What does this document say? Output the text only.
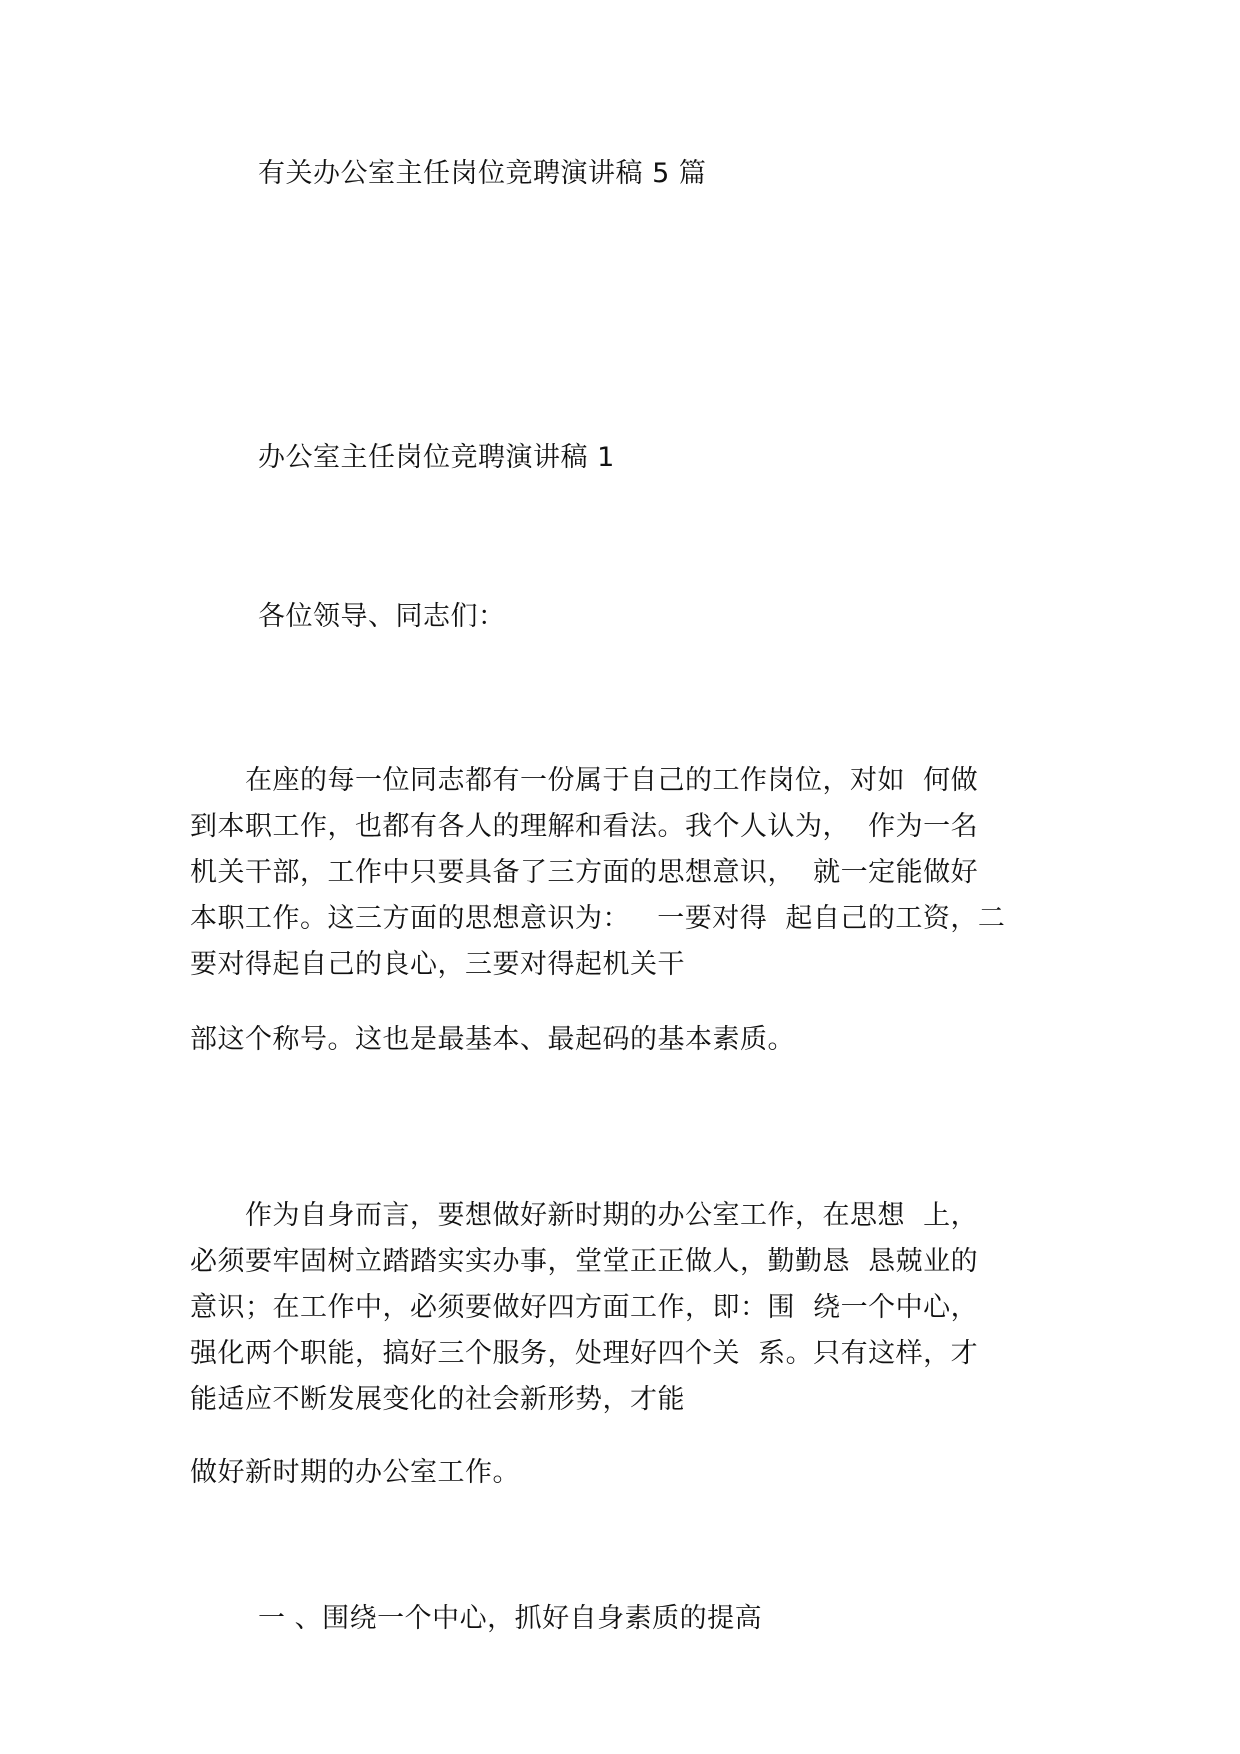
有关办公室主任岗位竞聘演讲稿 5 篇
办公室主任岗位竞聘演讲稿 1
各位领导、同志们：
　　在座的每一位同志都有一份属于自己的工作岗位，对如  何做
到本职工作，也都有各人的理解和看法。我个人认为，  作为一名
机关干部，工作中只要具备了三方面的思想意识，  就一定能做好
本职工作。这三方面的思想意识为：   一要对得  起自己的工资，二
要对得起自己的良心，三要对得起机关干
部这个称号。这也是最基本、最起码的基本素质。
　　作为自身而言，要想做好新时期的办公室工作，在思想  上，
必须要牢固树立踏踏实实办事，堂堂正正做人，勤勤恳  恳兢业的
意识；在工作中，必须要做好四方面工作，即：围  绕一个中心，
强化两个职能，搞好三个服务，处理好四个关  系。只有这样，才
能适应不断发展变化的社会新形势，才能
做好新时期的办公室工作。
一 、围绕一个中心，抓好自身素质的提高
